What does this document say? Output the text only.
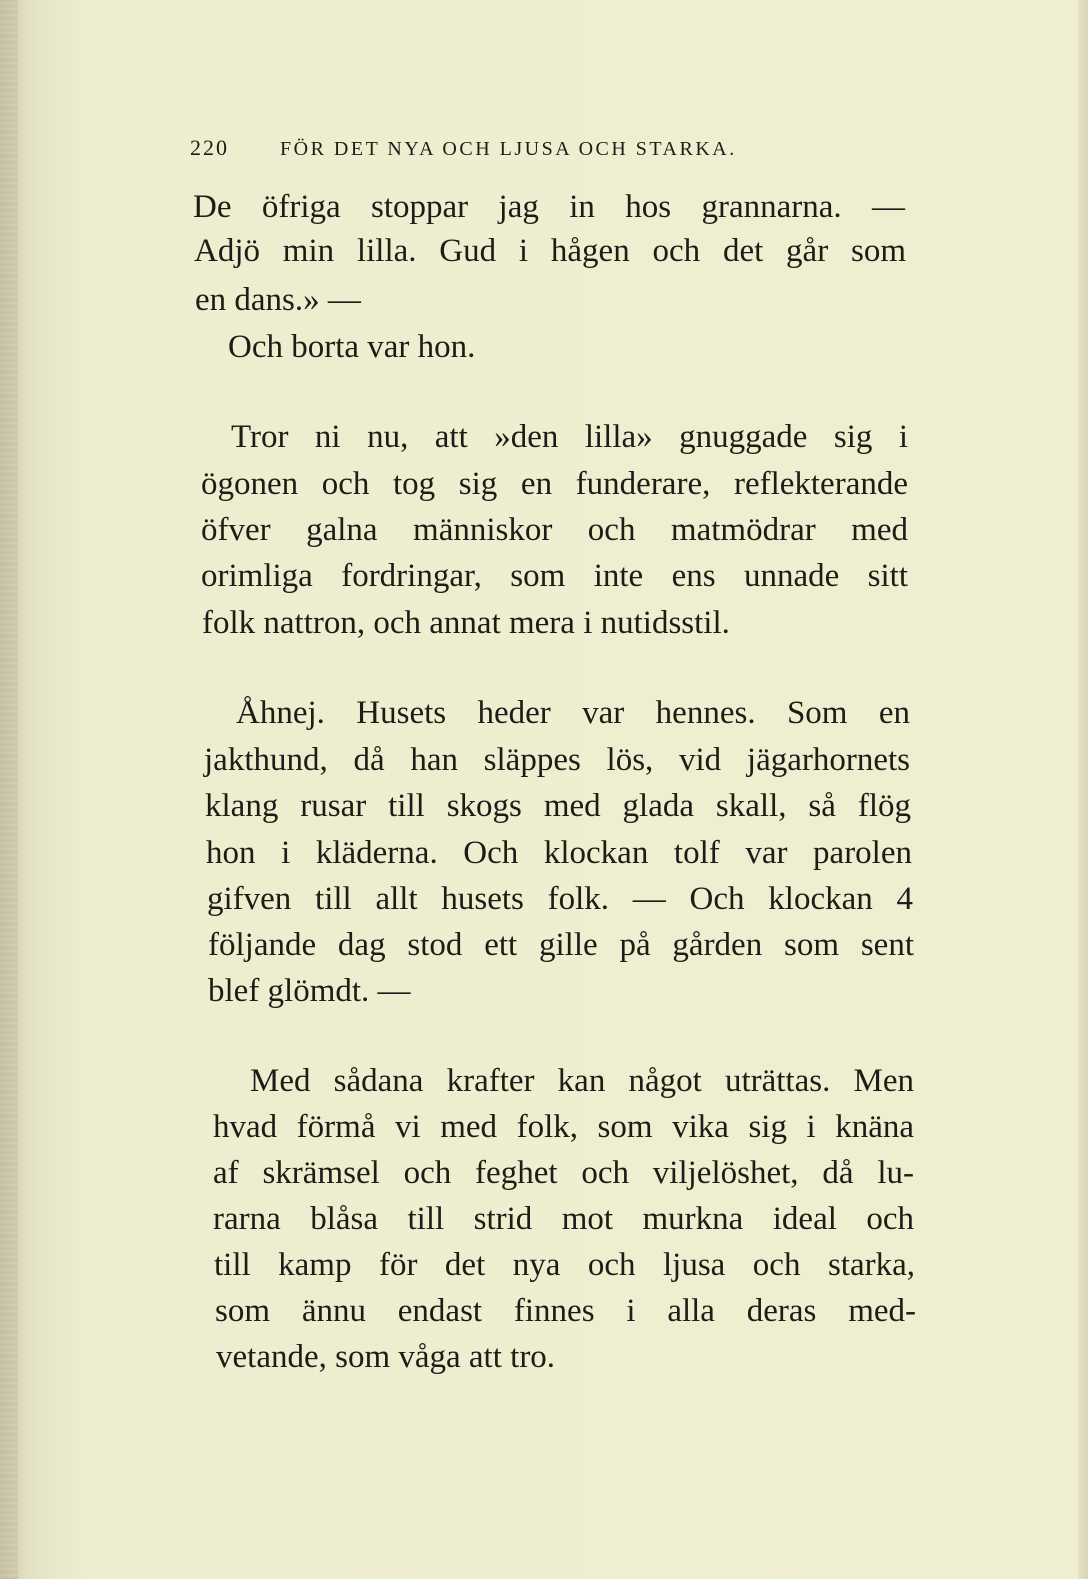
220	FÖR DET NYA OCH LJUSA OCH STARKA.
De öfriga stoppar jag in hos grannarna. —
Adjö min lilla. Gud i hågen och det går som
en dans.» —
Och borta var hon.
Tror ni nu, att »den lilla» gnuggade sig i
ögonen och tog sig en funderare, reflekterande
öfver galna människor och matmödrar med
orimliga fordringar, som inte ens unnade sitt
folk nattron, och annat mera i nutidsstil.
Åhnej. Husets heder var hennes. Som en
jakthund, då han släppes lös, vid jägarhornets
klang rusar till skogs med glada skall, så flög
hon i kläderna. Och klockan tolf var parolen
gifven till allt husets folk. — Och klockan 4
följande dag stod ett gille på gården som sent
blef glömdt. —
Med sådana krafter kan något uträttas. Men
hvad förmå vi med folk, som vika sig i knäna
af skrämsel och feghet och viljelöshet, då lu-
rarna blåsa till strid mot murkna ideal och
till kamp för det nya och ljusa och starka,
som ännu endast finnes i alla deras med-
vetande, som våga att tro.
